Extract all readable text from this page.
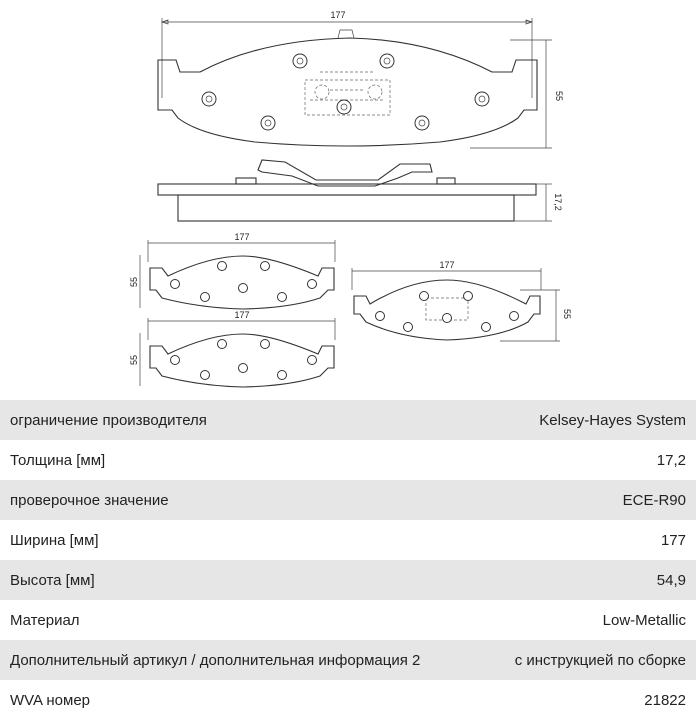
177
55
17,2
177
55
177
55
177
55
ограничение производителя	Kelsey-Hayes System
Толщина [мм]	17,2
проверочное значение	ECE-R90
Ширина [мм]	177
Высота [мм]	54,9
Материал	Low-Metallic
Дополнительный артикул / дополнительная информация 2	с инструкцией по сборке
WVA номер	21822
